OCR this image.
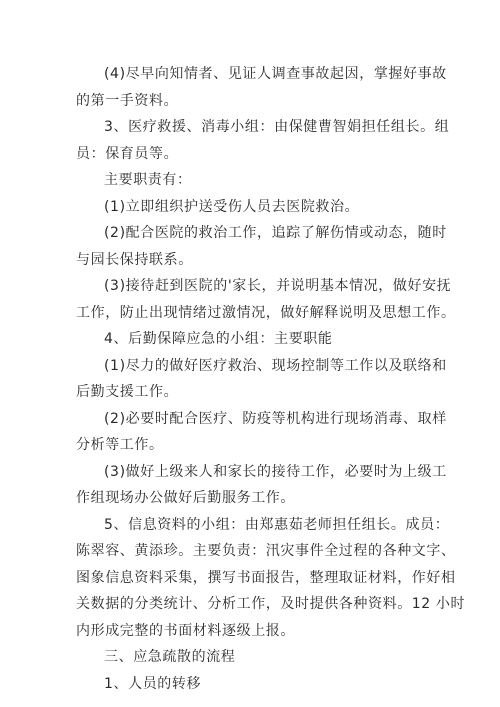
(4)尽早向知情者、见证人调查事故起因，掌握好事故
的第一手资料。
3、医疗救援、消毒小组：由保健曹智娟担任组长。组
员：保育员等。
主要职责有：
(1)立即组织护送受伤人员去医院救治。
(2)配合医院的救治工作，追踪了解伤情或动态，随时
与园长保持联系。
(3)接待赶到医院的'家长，并说明基本情况，做好安抚
工作，防止出现情绪过激情况，做好解释说明及思想工作。
4、后勤保障应急的小组：主要职能
(1)尽力的做好医疗救治、现场控制等工作以及联络和
后勤支援工作。
(2)必要时配合医疗、防疫等机构进行现场消毒、取样
分析等工作。
(3)做好上级来人和家长的接待工作，必要时为上级工
作组现场办公做好后勤服务工作。
5、信息资料的小组：由郑惠茹老师担任组长。成员：
陈翠容、黄添珍。主要负责：汛灾事件全过程的各种文字、
图象信息资料采集，撰写书面报告，整理取证材料，作好相
关数据的分类统计、分析工作，及时提供各种资料。12 小时
内形成完整的书面材料逐级上报。
三、应急疏散的流程
1、人员的转移
